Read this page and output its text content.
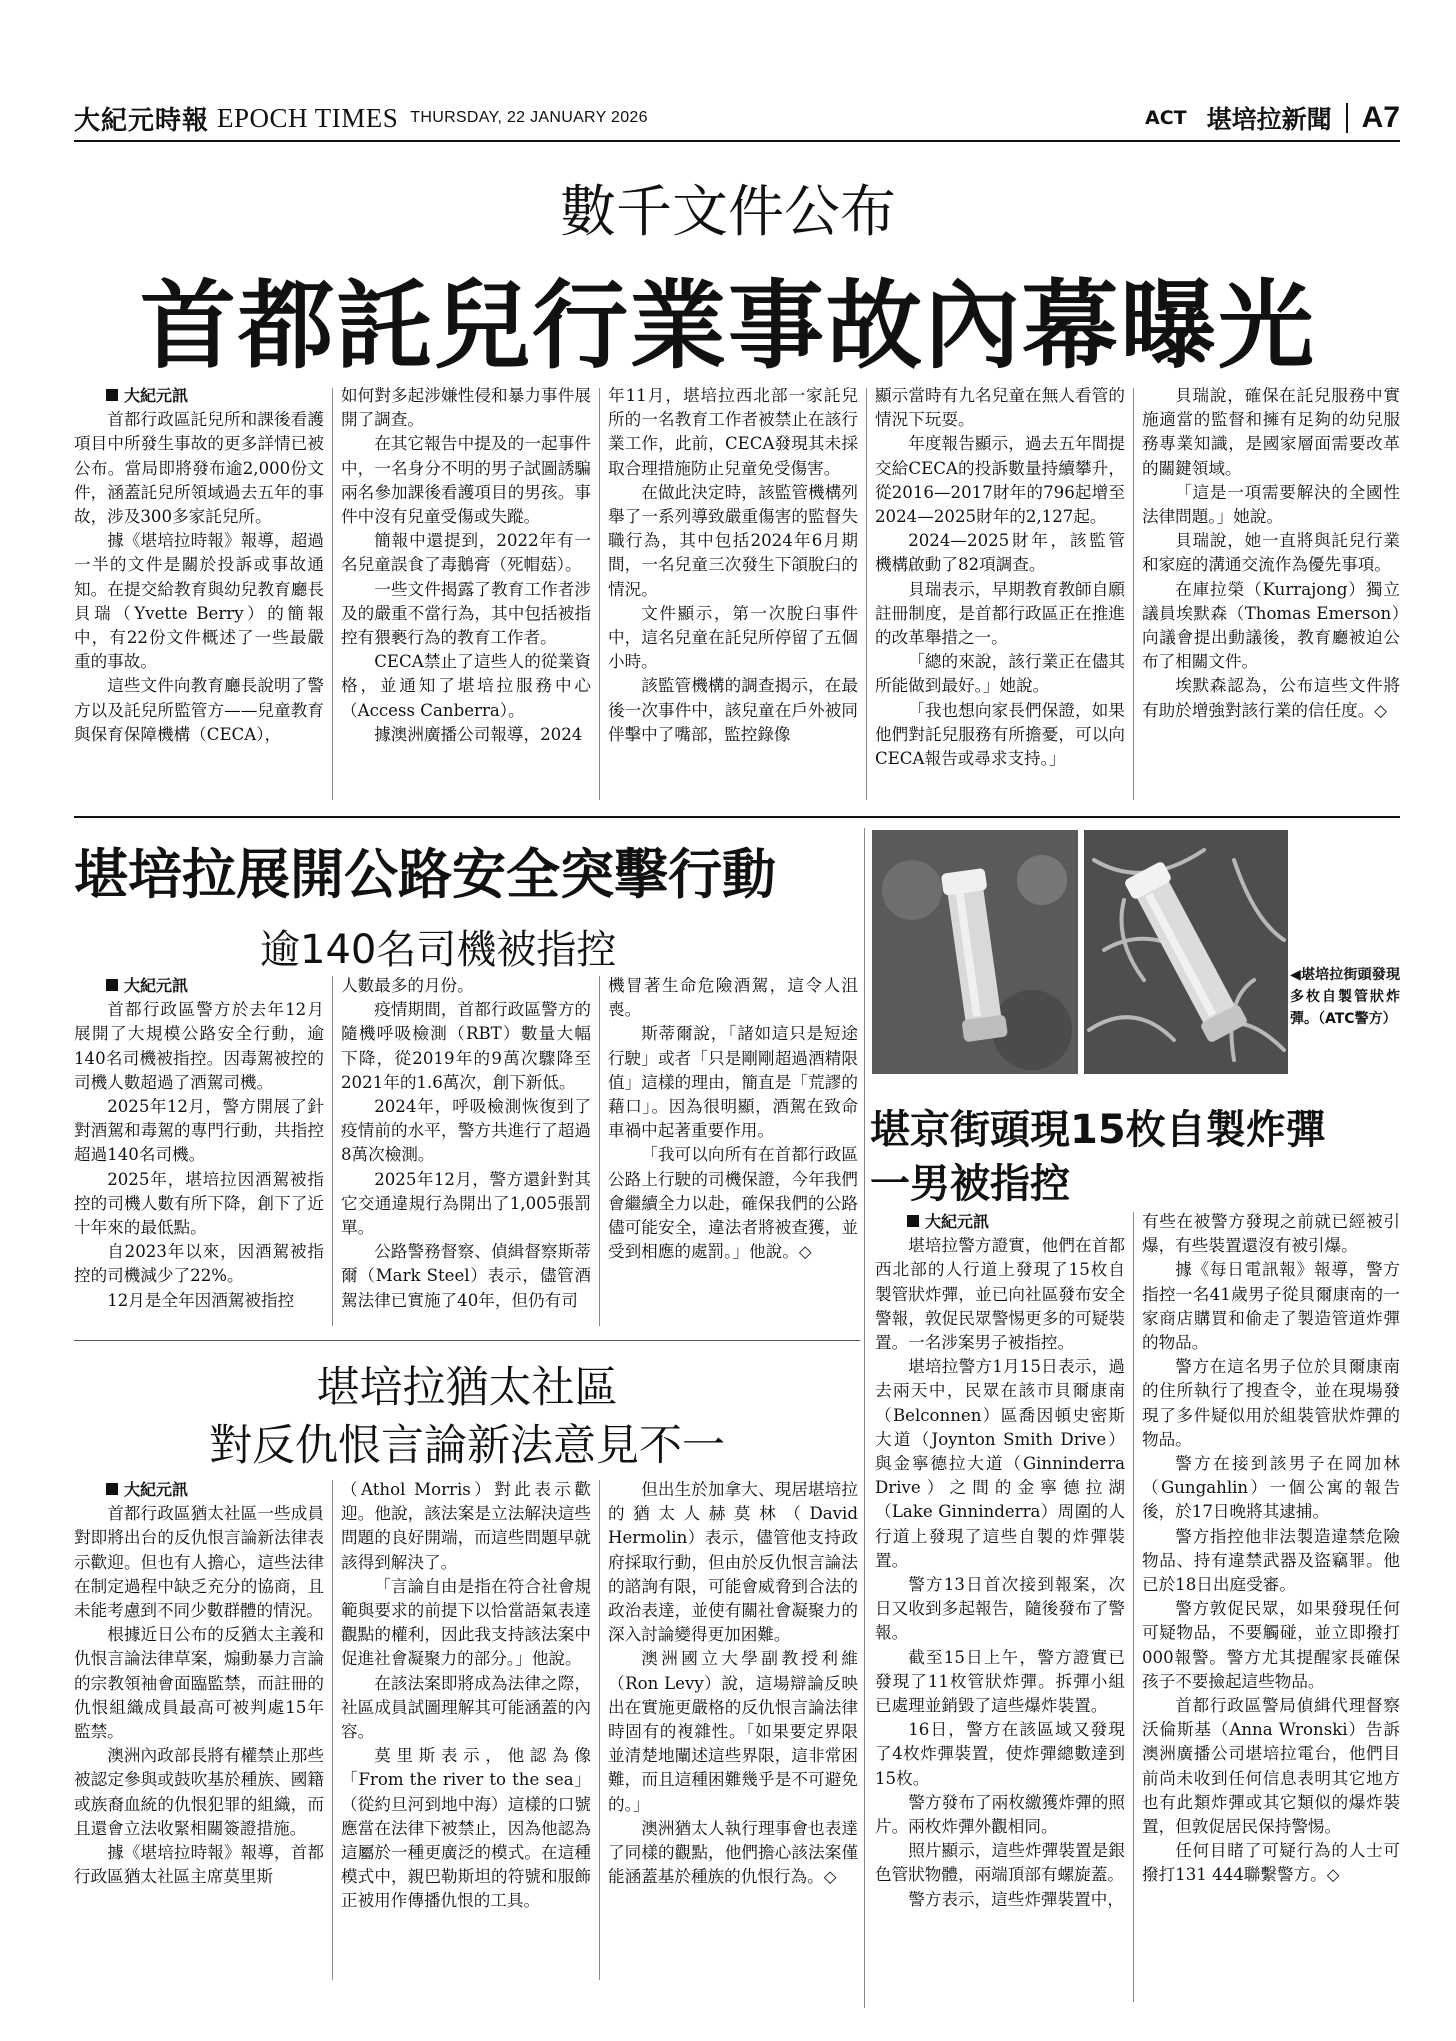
大紀元時報 EPOCH TIMES THURSDAY, 22 JANUARY 2026	ACT 堪培拉新聞 A7
數千文件公布
首都託兒行業事故內幕曝光

大紀元訊

首都行政區託兒所和課後看護項目中所發生事故的更多詳情已被公布。當局即將發布逾2,000份文件，涵蓋託兒所領域過去五年的事故，涉及300多家託兒所。

據《堪培拉時報》報導，超過一半的文件是關於投訴或事故通知。在提交給教育與幼兒教育廳長貝瑞（Yvette Berry）的簡報中，有22份文件概述了一些最嚴重的事故。

這些文件向教育廳長說明了警方以及託兒所監管方——兒童教育與保育保障機構（CECA），

如何對多起涉嫌性侵和暴力事件展開了調查。

在其它報告中提及的一起事件中，一名身分不明的男子試圖誘騙兩名參加課後看護項目的男孩。事件中沒有兒童受傷或失蹤。

簡報中還提到，2022年有一名兒童誤食了毒鵝膏（死帽菇）。

一些文件揭露了教育工作者涉及的嚴重不當行為，其中包括被指控有猥褻行為的教育工作者。

CECA禁止了這些人的從業資格，並通知了堪培拉服務中心（Access Canberra）。

據澳洲廣播公司報導，2024

年11月，堪培拉西北部一家託兒所的一名教育工作者被禁止在該行業工作，此前，CECA發現其未採取合理措施防止兒童免受傷害。

在做此決定時，該監管機構列舉了一系列導致嚴重傷害的監督失職行為，其中包括2024年6月期間，一名兒童三次發生下頜脫臼的情況。

文件顯示，第一次脫臼事件中，這名兒童在託兒所停留了五個小時。

該監管機構的調查揭示，在最後一次事件中，該兒童在戶外被同伴擊中了嘴部，監控錄像

顯示當時有九名兒童在無人看管的情況下玩耍。

年度報告顯示，過去五年間提交給CECA的投訴數量持續攀升，從2016—2017財年的796起增至2024—2025財年的2,127起。

2024—2025財年，該監管機構啟動了82項調查。

貝瑞表示，早期教育教師自願註冊制度，是首都行政區正在推進的改革舉措之一。

「總的來說，該行業正在儘其所能做到最好。」她說。

「我也想向家長們保證，如果他們對託兒服務有所擔憂，可以向CECA報告或尋求支持。」

貝瑞說，確保在託兒服務中實施適當的監督和擁有足夠的幼兒服務專業知識，是國家層面需要改革的關鍵領域。

「這是一項需要解決的全國性法律問題。」她說。

貝瑞說，她一直將與託兒行業和家庭的溝通交流作為優先事項。

在庫拉榮（Kurrajong）獨立議員埃默森（Thomas Emerson）向議會提出動議後，教育廳被迫公布了相關文件。

埃默森認為，公布這些文件將有助於增強對該行業的信任度。◇

堪培拉展開公路安全突擊行動
逾140名司機被指控

大紀元訊

首都行政區警方於去年12月展開了大規模公路安全行動，逾140名司機被指控。因毒駕被控的司機人數超過了酒駕司機。

2025年12月，警方開展了針對酒駕和毒駕的專門行動，共指控超過140名司機。

2025年，堪培拉因酒駕被指控的司機人數有所下降，創下了近十年來的最低點。

自2023年以來，因酒駕被指控的司機減少了22%。

12月是全年因酒駕被指控

人數最多的月份。

疫情期間，首都行政區警方的隨機呼吸檢測（RBT）數量大幅下降，從2019年的9萬次驟降至2021年的1.6萬次，創下新低。

2024年，呼吸檢測恢復到了疫情前的水平，警方共進行了超過8萬次檢測。

2025年12月，警方還針對其它交通違規行為開出了1,005張罰單。

公路警務督察、偵緝督察斯蒂爾（Mark Steel）表示，儘管酒駕法律已實施了40年，但仍有司

機冒著生命危險酒駕，這令人沮喪。

斯蒂爾說，「諸如這只是短途行駛」或者「只是剛剛超過酒精限值」這樣的理由，簡直是「荒謬的藉口」。因為很明顯，酒駕在致命車禍中起著重要作用。

「我可以向所有在首都行政區公路上行駛的司機保證，今年我們會繼續全力以赴，確保我們的公路儘可能安全，違法者將被查獲，並受到相應的處罰。」他說。◇

堪培拉猶太社區
對反仇恨言論新法意見不一

大紀元訊

首都行政區猶太社區一些成員對即將出台的反仇恨言論新法律表示歡迎。但也有人擔心，這些法律在制定過程中缺乏充分的協商，且未能考慮到不同少數群體的情況。

根據近日公布的反猶太主義和仇恨言論法律草案，煽動暴力言論的宗教領袖會面臨監禁，而註冊的仇恨組織成員最高可被判處15年監禁。

澳洲內政部長將有權禁止那些被認定參與或鼓吹基於種族、國籍或族裔血統的仇恨犯罪的組織，而且還會立法收緊相關簽證措施。

據《堪培拉時報》報導，首都行政區猶太社區主席莫里斯

（Athol Morris）對此表示歡迎。他說，該法案是立法解決這些問題的良好開端，而這些問題早就該得到解決了。

「言論自由是指在符合社會規範與要求的前提下以恰當語氣表達觀點的權利，因此我支持該法案中促進社會凝聚力的部分。」他說。

在該法案即將成為法律之際，社區成員試圖理解其可能涵蓋的內容。

莫里斯表示，他認為像「From the river to the sea」（從約旦河到地中海）這樣的口號應當在法律下被禁止，因為他認為這屬於一種更廣泛的模式。在這種模式中，親巴勒斯坦的符號和服飾正被用作傳播仇恨的工具。

但出生於加拿大、現居堪培拉的猶太人赫莫林（David Hermolin）表示，儘管他支持政府採取行動，但由於反仇恨言論法的諮詢有限，可能會威脅到合法的政治表達，並使有關社會凝聚力的深入討論變得更加困難。

澳洲國立大學副教授利維（Ron Levy）說，這場辯論反映出在實施更嚴格的反仇恨言論法律時固有的複雜性。「如果要定界限並清楚地闡述這些界限，這非常困難，而且這種困難幾乎是不可避免的。」

澳洲猶太人執行理事會也表達了同樣的觀點，他們擔心該法案僅能涵蓋基於種族的仇恨行為。◇

◀堪培拉街頭發現多枚自製管狀炸彈。（ATC警方）
堪京街頭現15枚自製炸彈
一男被指控

大紀元訊

堪培拉警方證實，他們在首都西北部的人行道上發現了15枚自製管狀炸彈，並已向社區發布安全警報，敦促民眾警惕更多的可疑裝置。一名涉案男子被指控。

堪培拉警方1月15日表示，過去兩天中，民眾在該市貝爾康南（Belconnen）區喬因頓史密斯大道（Joynton Smith Drive）與金寧德拉大道（Ginninderra Drive）之間的金寧德拉湖（Lake Ginninderra）周圍的人行道上發現了這些自製的炸彈裝置。

警方13日首次接到報案，次日又收到多起報告，隨後發布了警報。

截至15日上午，警方證實已發現了11枚管狀炸彈。拆彈小組已處理並銷毀了這些爆炸裝置。

16日，警方在該區域又發現了4枚炸彈裝置，使炸彈總數達到15枚。

警方發布了兩枚繳獲炸彈的照片。兩枚炸彈外觀相同。

照片顯示，這些炸彈裝置是銀色管狀物體，兩端頂部有螺旋蓋。

警方表示，這些炸彈裝置中，

有些在被警方發現之前就已經被引爆，有些裝置還沒有被引爆。

據《每日電訊報》報導，警方指控一名41歲男子從貝爾康南的一家商店購買和偷走了製造管道炸彈的物品。

警方在這名男子位於貝爾康南的住所執行了搜查令，並在現場發現了多件疑似用於組裝管狀炸彈的物品。

警方在接到該男子在岡加林（Gungahlin）一個公寓的報告後，於17日晚將其逮捕。

警方指控他非法製造違禁危險物品、持有違禁武器及盜竊罪。他已於18日出庭受審。

警方敦促民眾，如果發現任何可疑物品，不要觸碰，並立即撥打000報警。警方尤其提醒家長確保孩子不要撿起這些物品。

首都行政區警局偵緝代理督察沃倫斯基（Anna Wronski）告訴澳洲廣播公司堪培拉電台，他們目前尚未收到任何信息表明其它地方也有此類炸彈或其它類似的爆炸裝置，但敦促居民保持警惕。

任何目睹了可疑行為的人士可撥打131 444聯繫警方。◇
